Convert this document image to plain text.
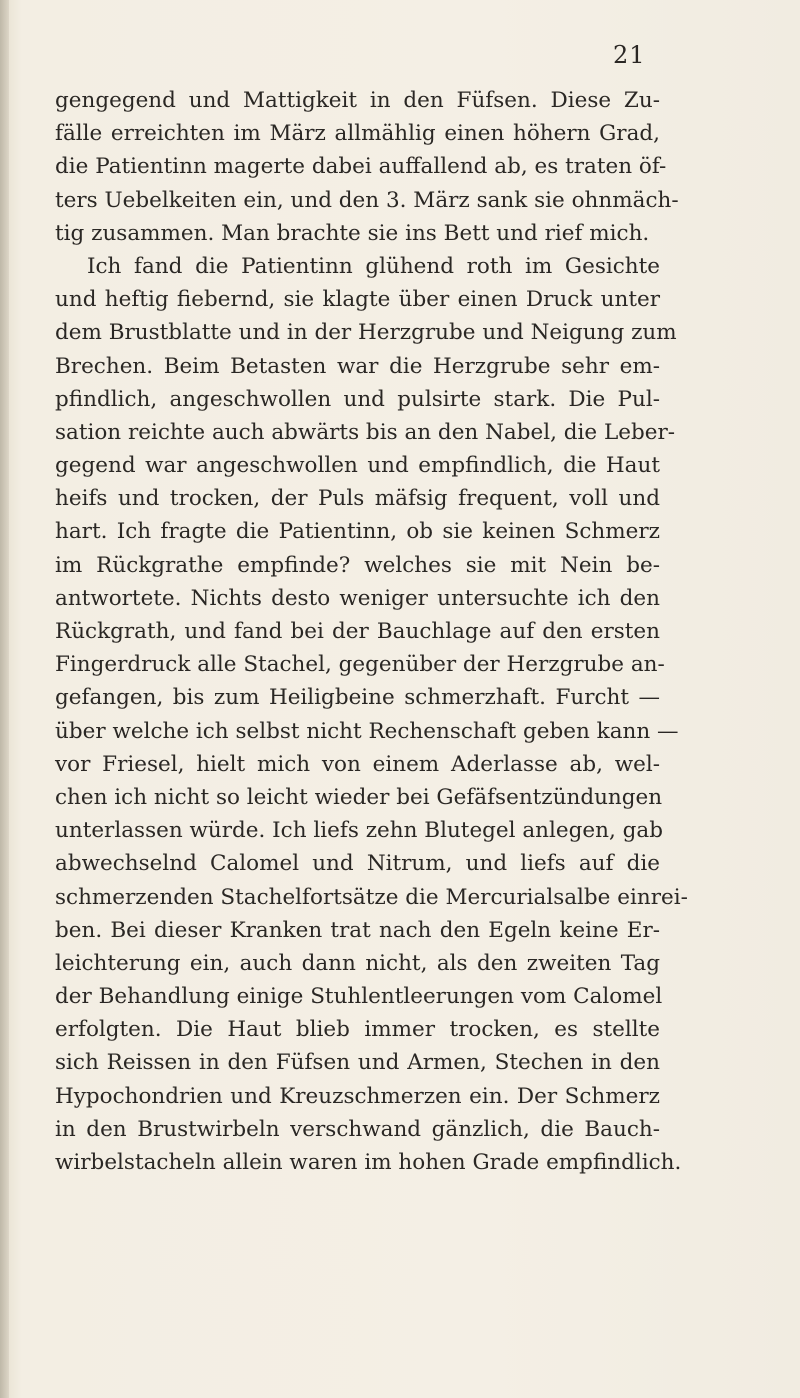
21
gengegend und Mattigkeit in den Füfsen. Diese Zu-
fälle erreichten im März allmählig einen höhern Grad,
die Patientinn magerte dabei auffallend ab, es traten öf-
ters Uebelkeiten ein, und den 3. März sank sie ohnmäch-
tig zusammen. Man brachte sie ins Bett und rief mich.
Ich fand die Patientinn glühend roth im Gesichte
und heftig fiebernd, sie klagte über einen Druck unter
dem Brustblatte und in der Herzgrube und Neigung zum
Brechen. Beim Betasten war die Herzgrube sehr em-
pfindlich, angeschwollen und pulsirte stark. Die Pul-
sation reichte auch abwärts bis an den Nabel, die Leber-
gegend war angeschwollen und empfindlich, die Haut
heifs und trocken, der Puls mäfsig frequent, voll und
hart. Ich fragte die Patientinn, ob sie keinen Schmerz
im Rückgrathe empfinde? welches sie mit Nein be-
antwortete. Nichts desto weniger untersuchte ich den
Rückgrath, und fand bei der Bauchlage auf den ersten
Fingerdruck alle Stachel, gegenüber der Herzgrube an-
gefangen, bis zum Heiligbeine schmerzhaft. Furcht —
über welche ich selbst nicht Rechenschaft geben kann —
vor Friesel, hielt mich von einem Aderlasse ab, wel-
chen ich nicht so leicht wieder bei Gefäfsentzündungen
unterlassen würde. Ich liefs zehn Blutegel anlegen, gab
abwechselnd Calomel und Nitrum, und liefs auf die
schmerzenden Stachelfortsätze die Mercurialsalbe einrei-
ben. Bei dieser Kranken trat nach den Egeln keine Er-
leichterung ein, auch dann nicht, als den zweiten Tag
der Behandlung einige Stuhlentleerungen vom Calomel
erfolgten. Die Haut blieb immer trocken, es stellte
sich Reissen in den Füfsen und Armen, Stechen in den
Hypochondrien und Kreuzschmerzen ein. Der Schmerz
in den Brustwirbeln verschwand gänzlich, die Bauch-
wirbelstacheln allein waren im hohen Grade empfindlich.
